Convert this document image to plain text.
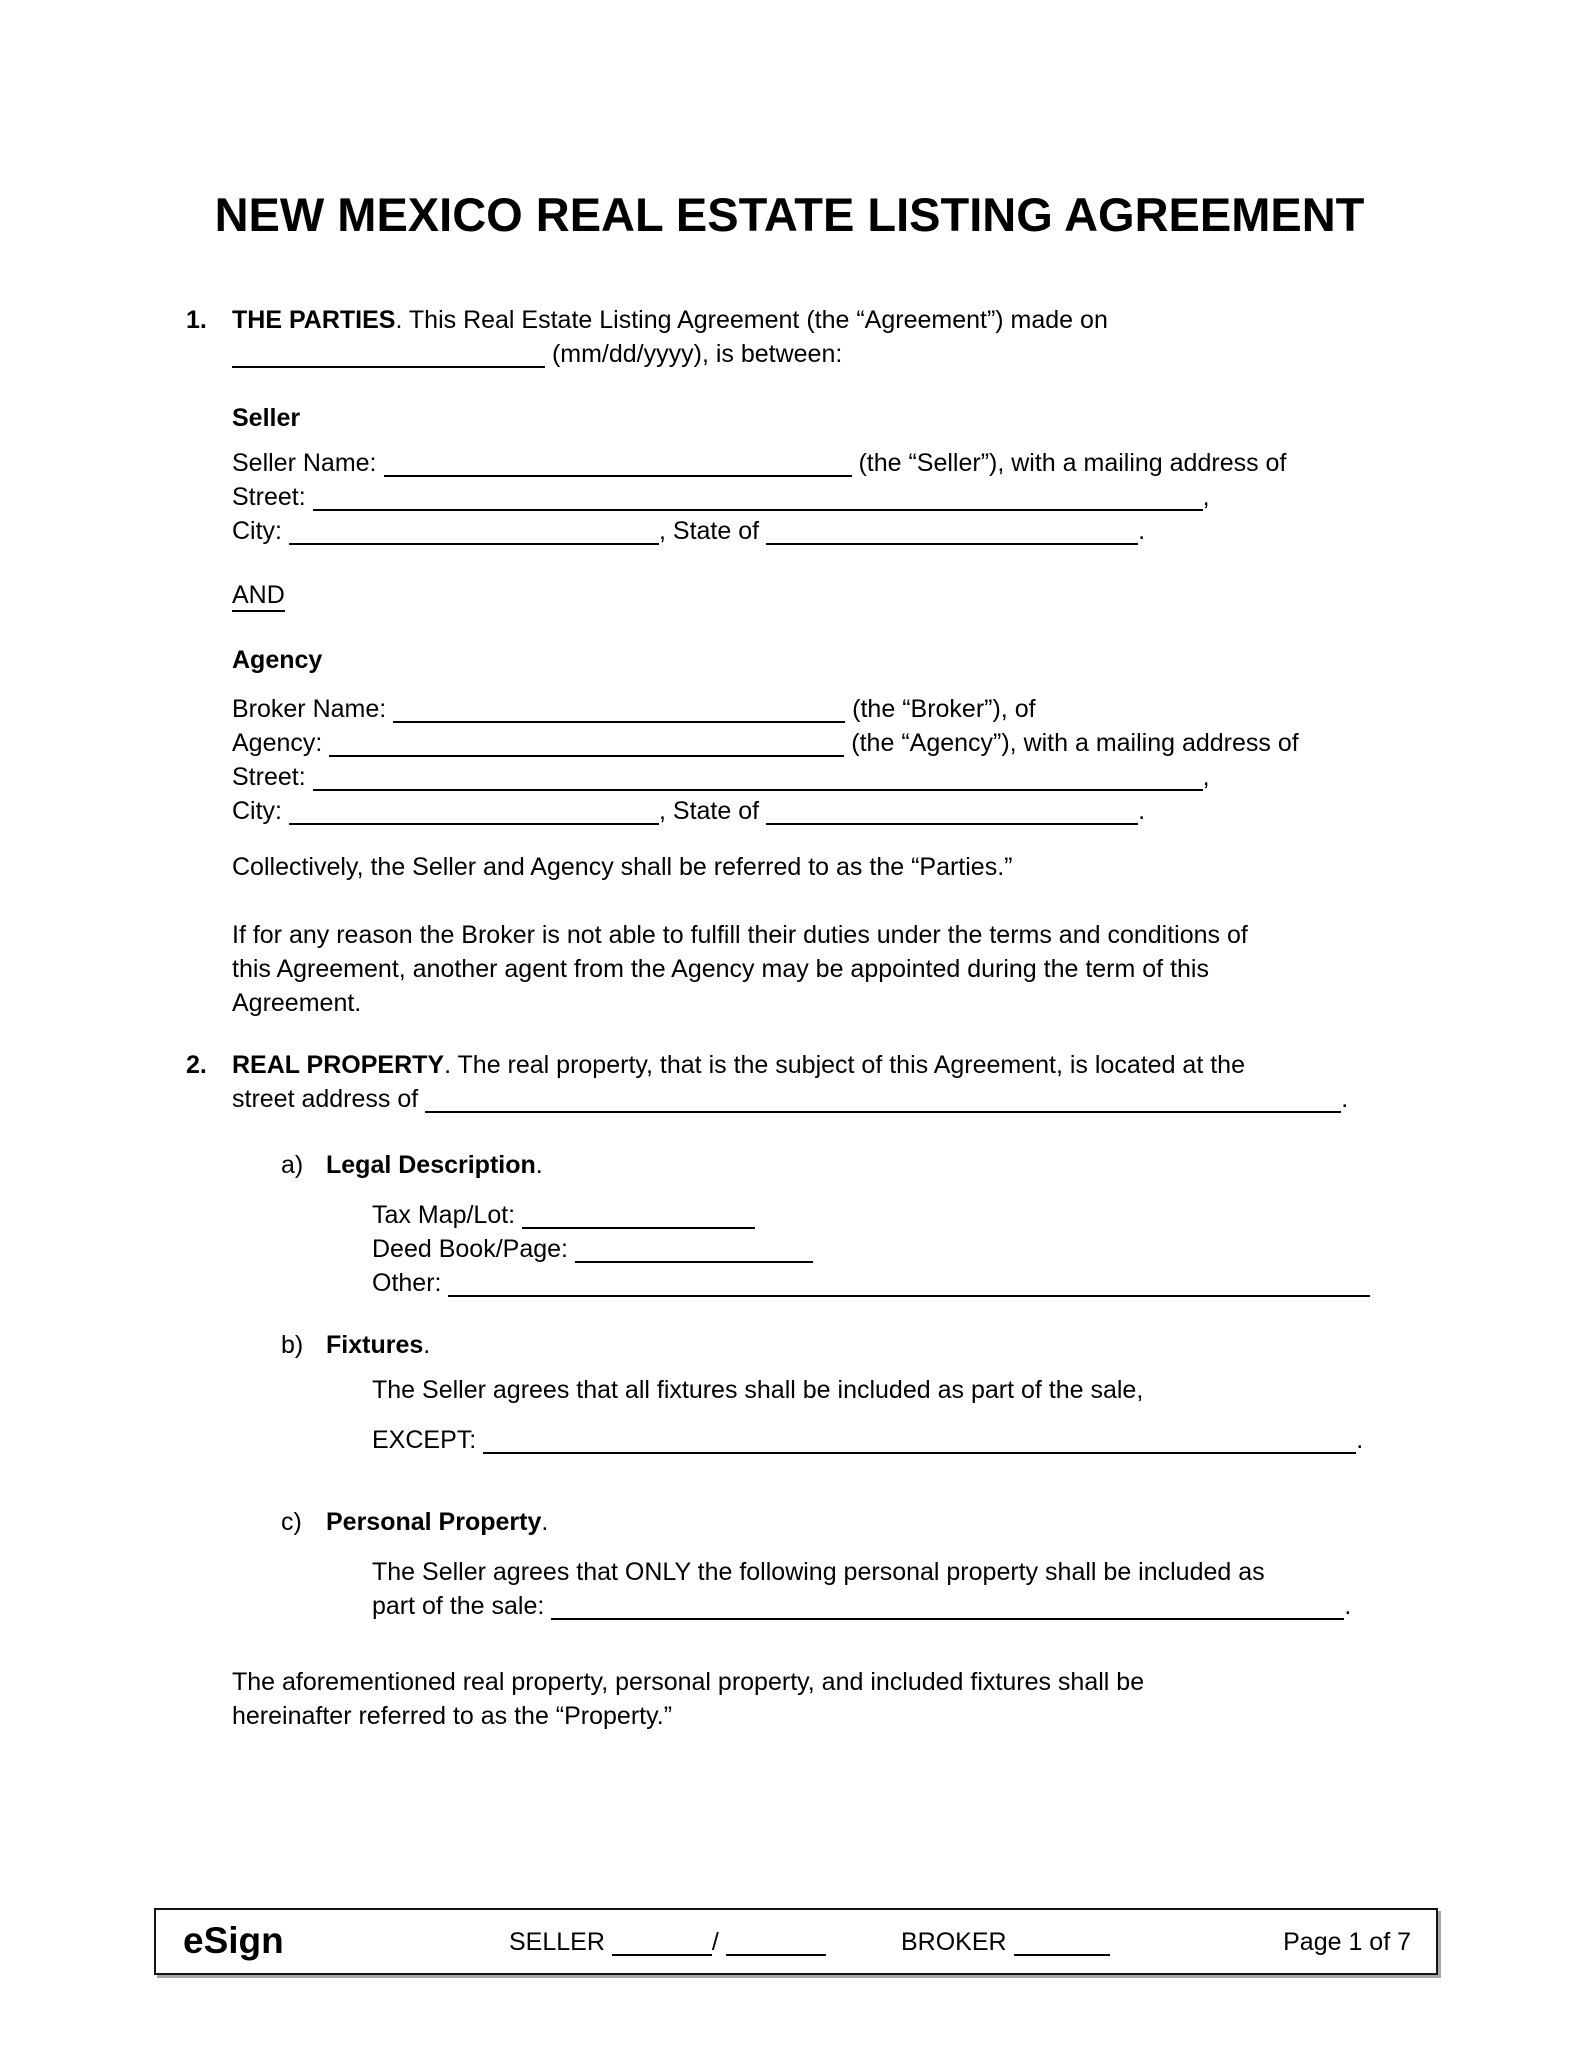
NEW MEXICO REAL ESTATE LISTING AGREEMENT
1. THE PARTIES. This Real Estate Listing Agreement (the “Agreement”) made on
(mm/dd/yyyy), is between:
Seller
Seller Name:	(the “Seller”), with a mailing address of
Street:	,
City:	, State of	.
AND
Agency
Broker Name:	(the “Broker”), of
Agency:	(the “Agency”), with a mailing address of
Street:	,
City:	, State of	.
Collectively, the Seller and Agency shall be referred to as the “Parties.”
If for any reason the Broker is not able to fulfill their duties under the terms and conditions of
this Agreement, another agent from the Agency may be appointed during the term of this
Agreement.
2. REAL PROPERTY. The real property, that is the subject of this Agreement, is located at the
street address of	.
a) Legal Description.
Tax Map/Lot:
Deed Book/Page:
Other:
b) Fixtures.
The Seller agrees that all fixtures shall be included as part of the sale,
EXCEPT:	.
c) Personal Property.
The Seller agrees that ONLY the following personal property shall be included as
part of the sale:	.
The aforementioned real property, personal property, and included fixtures shall be
hereinafter referred to as the “Property.”
eSign	SELLER	/	BROKER	Page 1 of 7
